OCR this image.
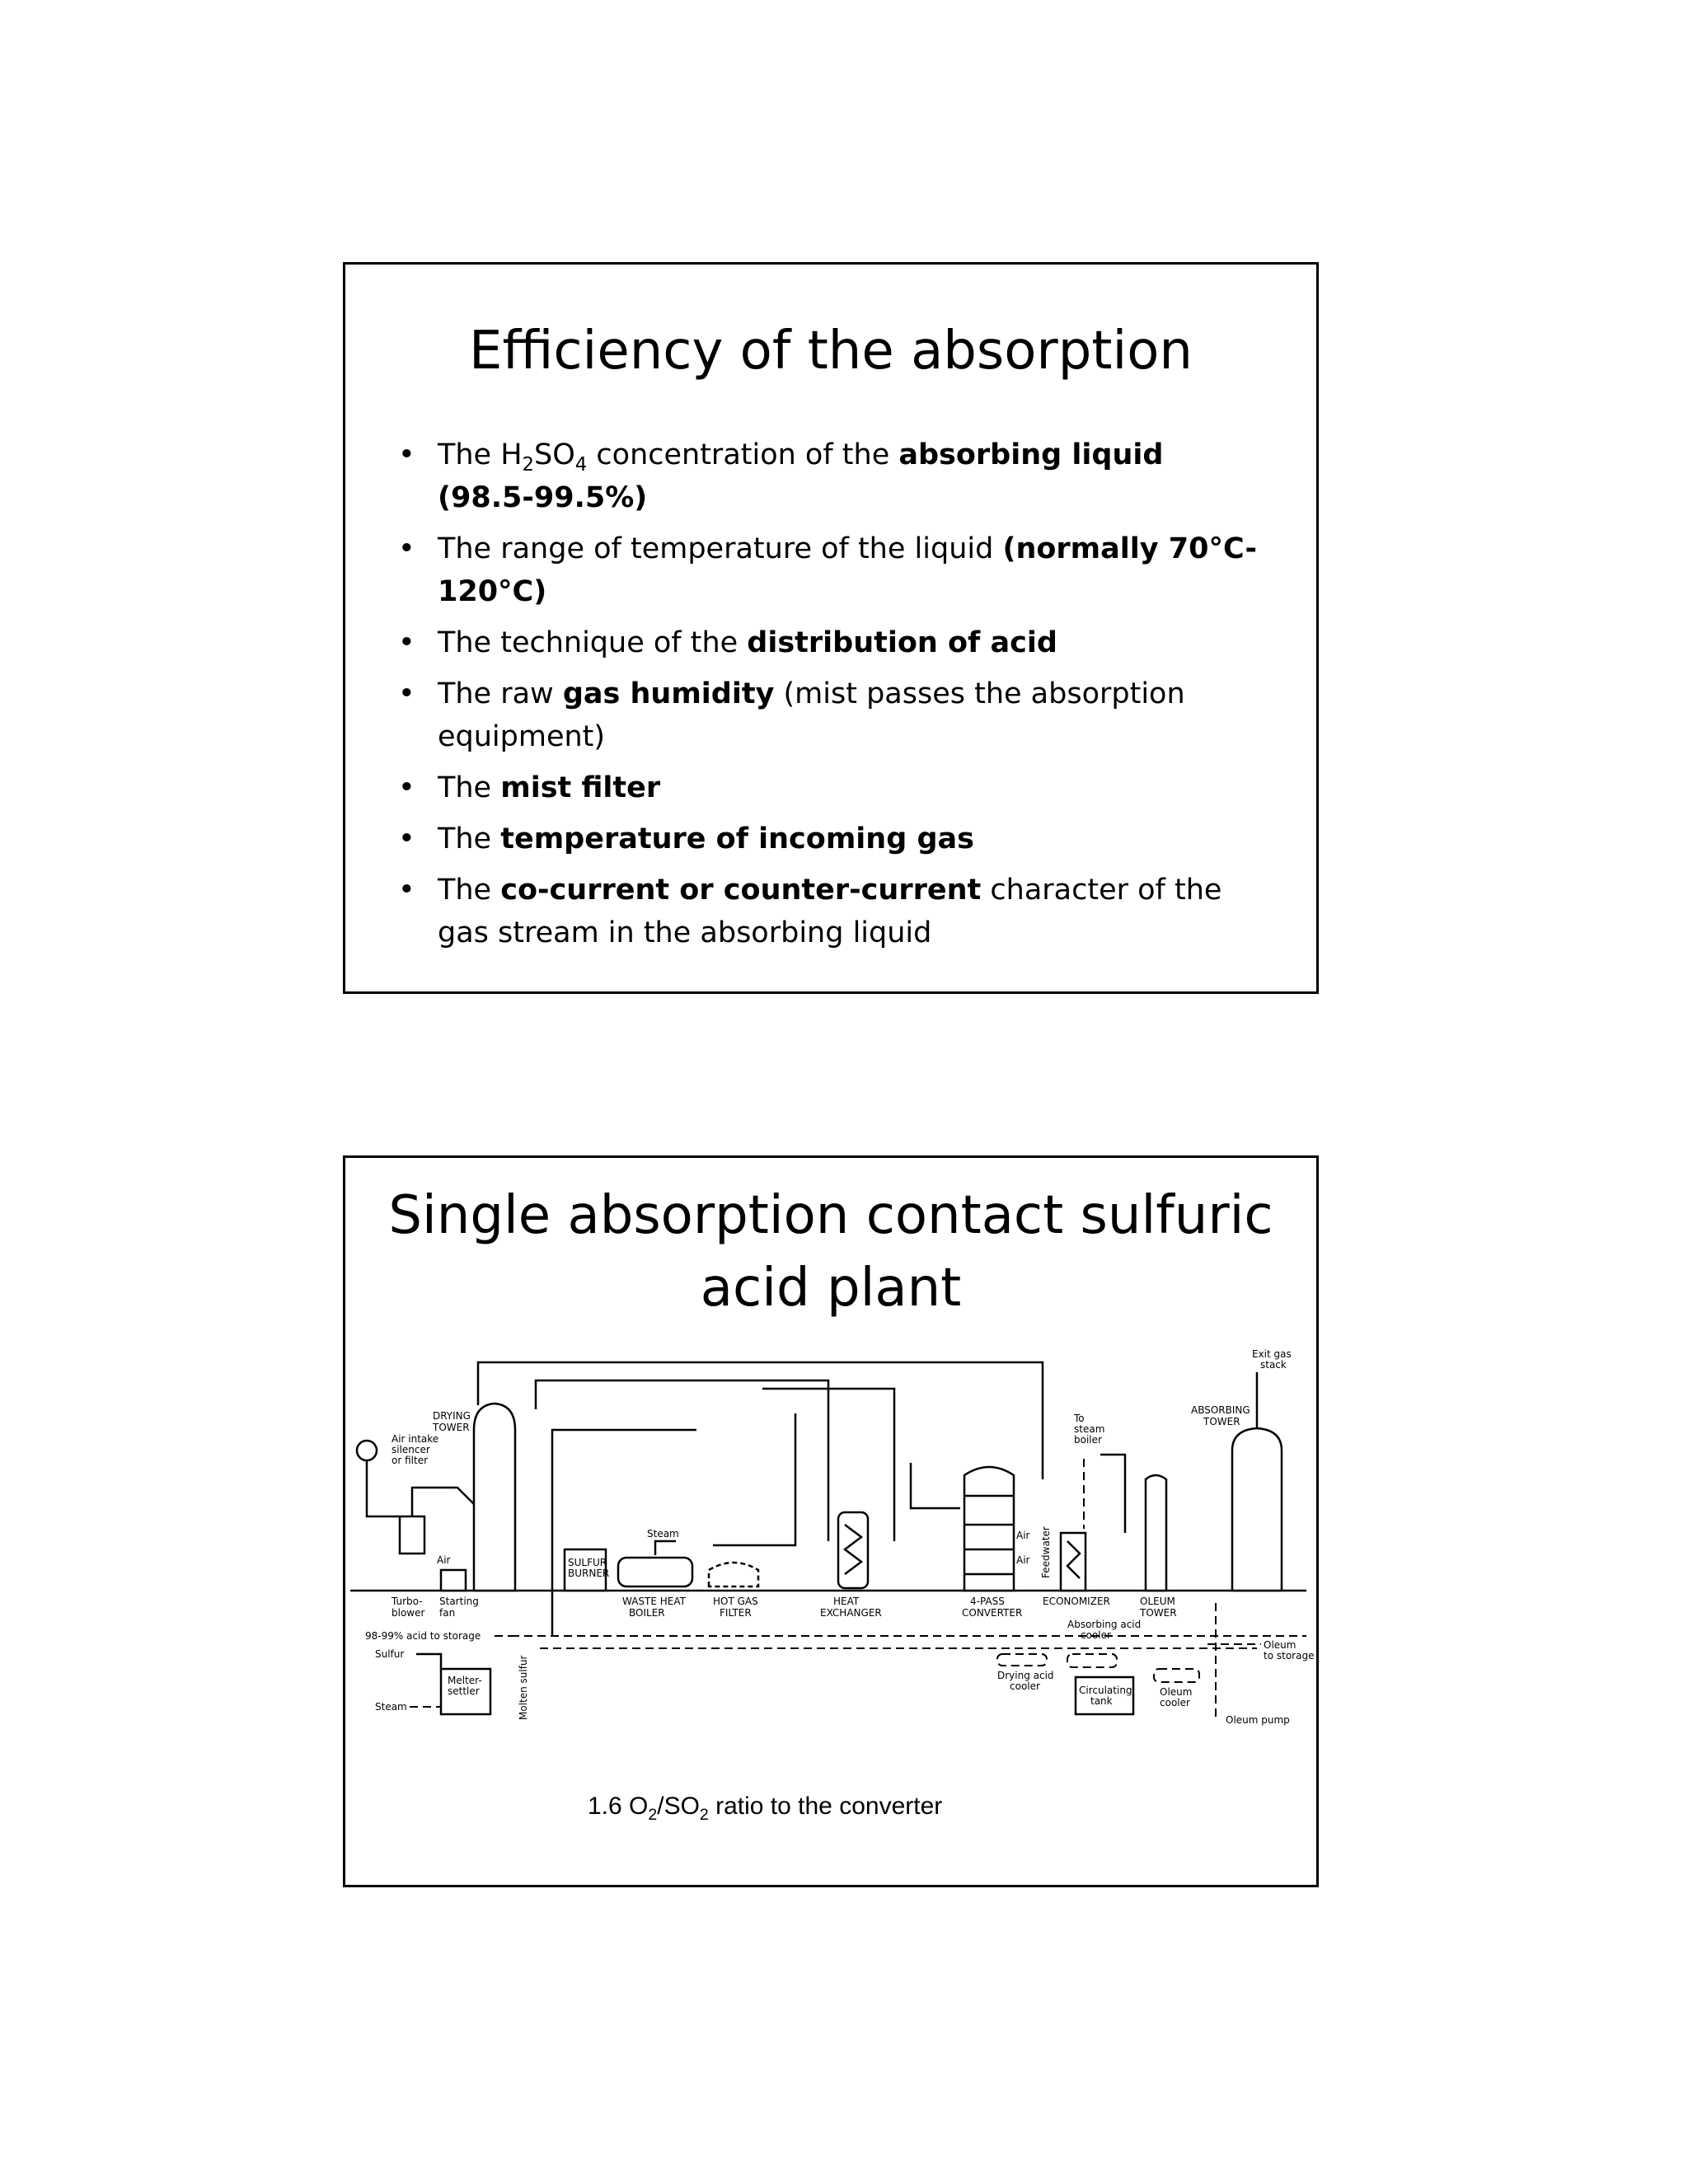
Efficiency of the absorption
• The $H_2SO_4$ concentration of the absorbing liquid (98.5-99.5%)
• The range of temperature of the liquid (normally 70°C-120°C)
• The technique of the distribution of acid
• The raw gas humidity (mist passes the absorption equipment)
• The mist filter
• The temperature of incoming gas
• The co-current or counter-current character of the gas stream in the absorbing liquid
Single absorption contact sulfuric acid plant
DRYING TOWER
Air intake silencer or filter
Turbo-blower
Starting fan
Air	SULFUR BURNER
Steam
WASTE HEAT BOILER
HOT GAS FILTER
HEAT EXCHANGER
Air
Air
4-PASS CONVERTER
Feedwater
To steam boiler
ECONOMIZER	OLEUM TOWER
ABSORBING TOWER
Exit gas stack
98-99% acid to storage
Sulfur
Melter-settler
Steam	Molten sulfur
Absorbing acid cooler
Drying acid cooler	Circulating tank
Oleum cooler
Oleum to storage
Oleum pump
1.6 $O_2/SO_2$ ratio to the converter
